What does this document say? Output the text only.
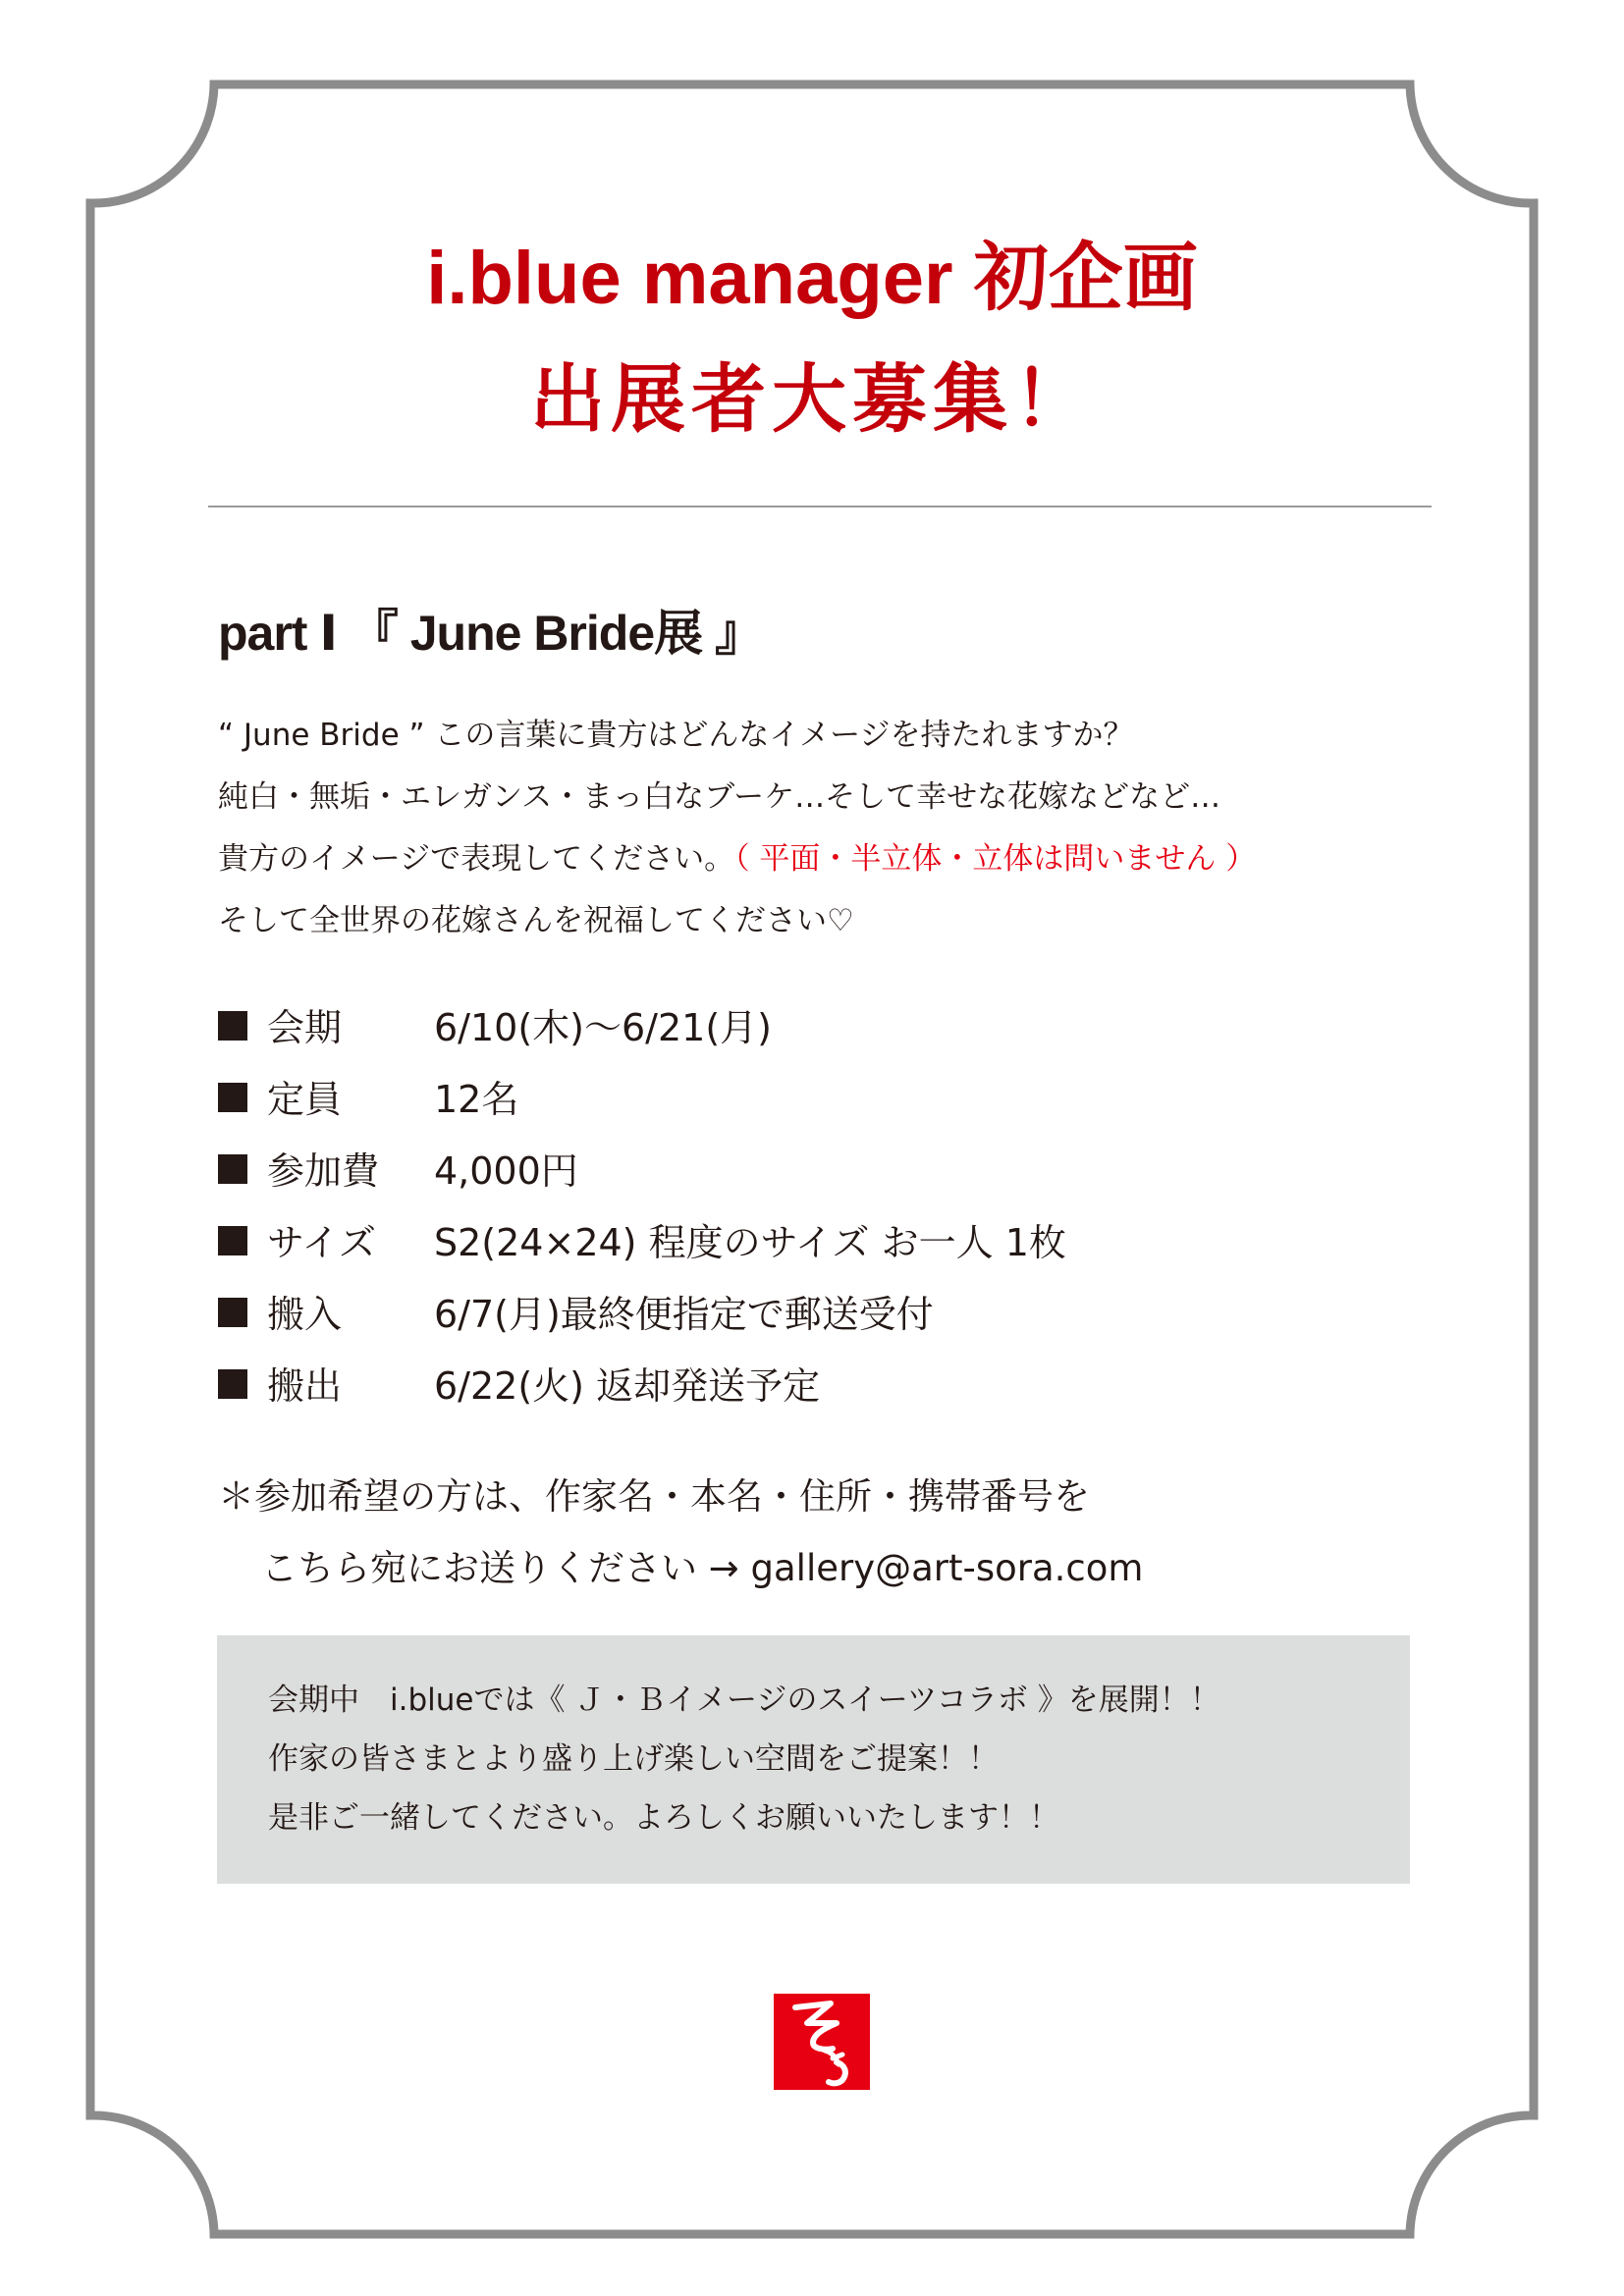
i.blue manager 初企画
出展者大募集！
part Ⅰ 『 June Bride展 』
“ June Bride ” この言葉に貴方はどんなイメージを持たれますか？
純白・無垢・エレガンス・まっ白なブーケ…そして幸せな花嫁などなど…
貴方のイメージで表現してください。（ 平面・半立体・立体は問いません ）
そして全世界の花嫁さんを祝福してください♡
会期 6/10(木)〜6/21(月)
定員 12名
参加費 4,000円
サイズ S2(24×24) 程度のサイズ お一人 1枚
搬入 6/7(月)最終便指定で郵送受付
搬出 6/22(火) 返却発送予定
＊参加希望の方は、作家名・本名・住所・携帯番号を
こちら宛にお送りください → gallery@art-sora.com
会期中　i.blueでは《 Ｊ・Ｂイメージのスイーツコラボ 》を展開！！
作家の皆さまとより盛り上げ楽しい空間をご提案！！
是非ご一緒してください。よろしくお願いいたします！！
